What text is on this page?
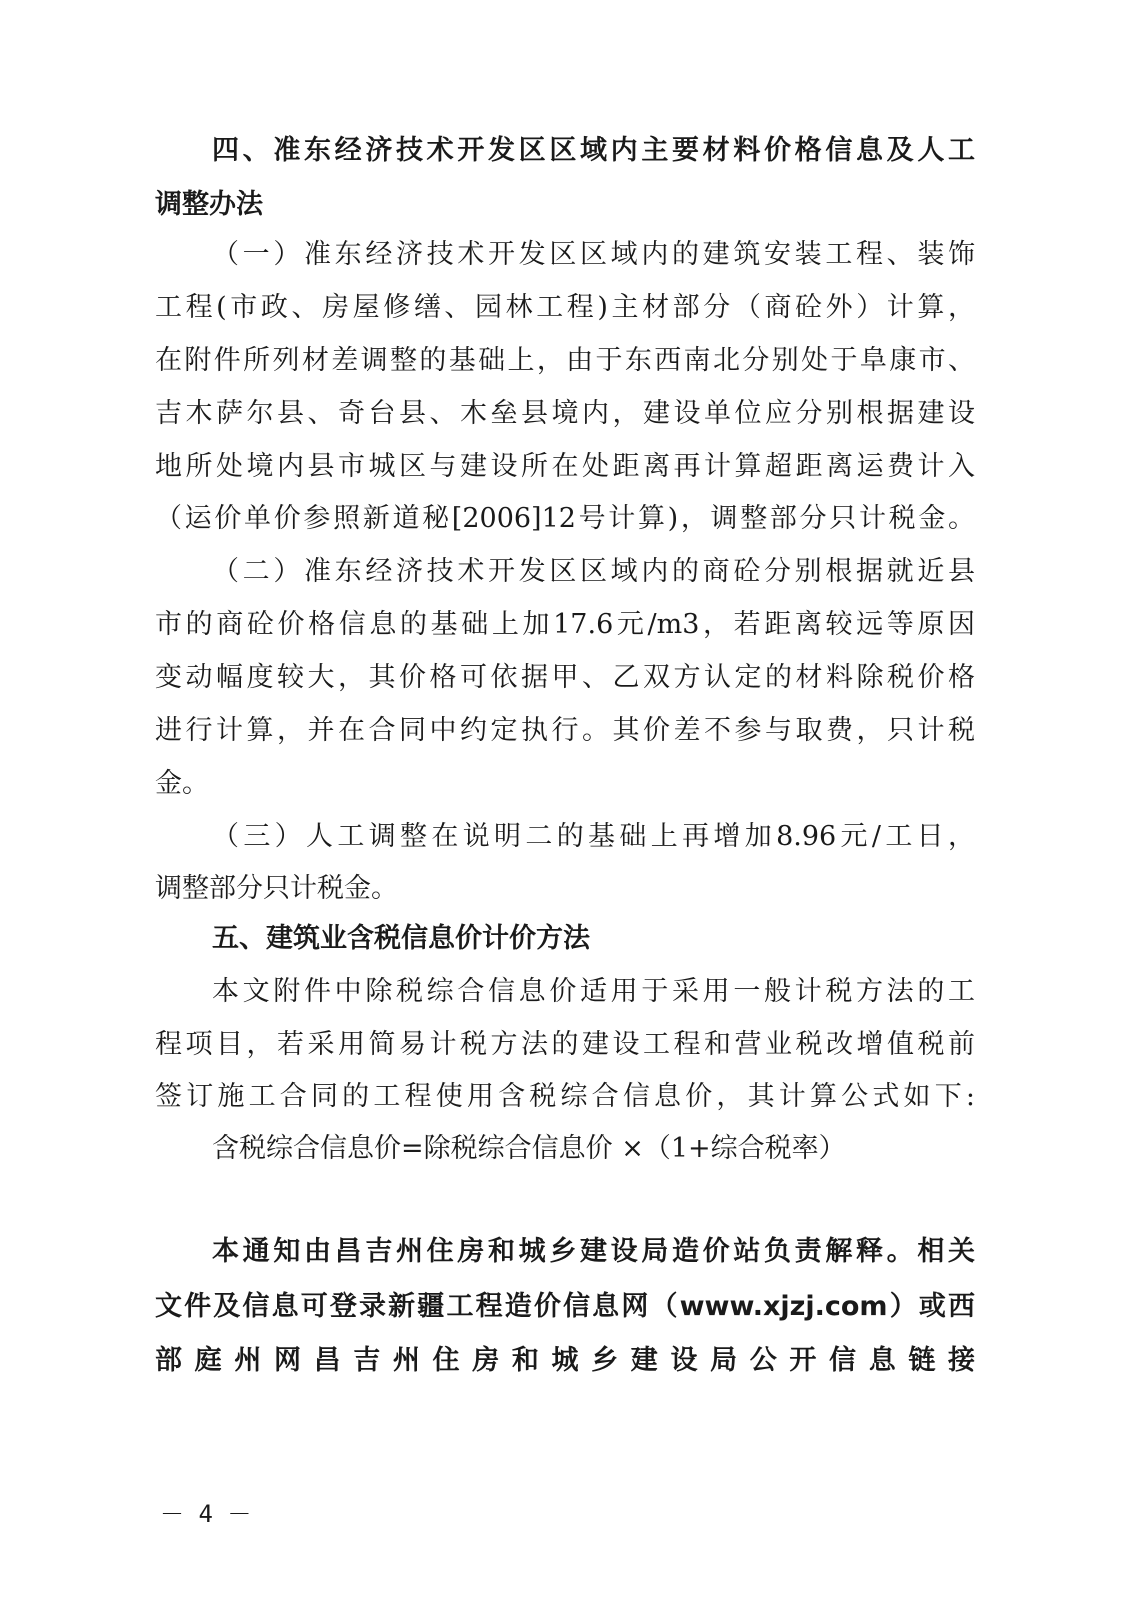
四、准东经济技术开发区区域内主要材料价格信息及人工
调整办法
（一）准东经济技术开发区区域内的建筑安装工程、装饰
工程(市政、房屋修缮、园林工程)主材部分（商砼外）计算，
在附件所列材差调整的基础上，由于东西南北分别处于阜康市、
吉木萨尔县、奇台县、木垒县境内，建设单位应分别根据建设
地所处境内县市城区与建设所在处距离再计算超距离运费计入
（运价单价参照新道秘[2006]12号计算)，调整部分只计税金。
（二）准东经济技术开发区区域内的商砼分别根据就近县
市的商砼价格信息的基础上加17.6元/m3，若距离较远等原因
变动幅度较大，其价格可依据甲、乙双方认定的材料除税价格
进行计算，并在合同中约定执行。其价差不参与取费，只计税
金。
（三）人工调整在说明二的基础上再增加8.96元/工日，
调整部分只计税金。
五、建筑业含税信息价计价方法
本文附件中除税综合信息价适用于采用一般计税方法的工
程项目，若采用简易计税方法的建设工程和营业税改增值税前
签订施工合同的工程使用含税综合信息价，其计算公式如下:
含税综合信息价=除税综合信息价 ×（1+综合税率）
本通知由昌吉州住房和城乡建设局造价站负责解释。相关
文件及信息可登录新疆工程造价信息网（www.xjzj.com）或西
部庭州网昌吉州住房和城乡建设局公开信息链接
－ 4 －
